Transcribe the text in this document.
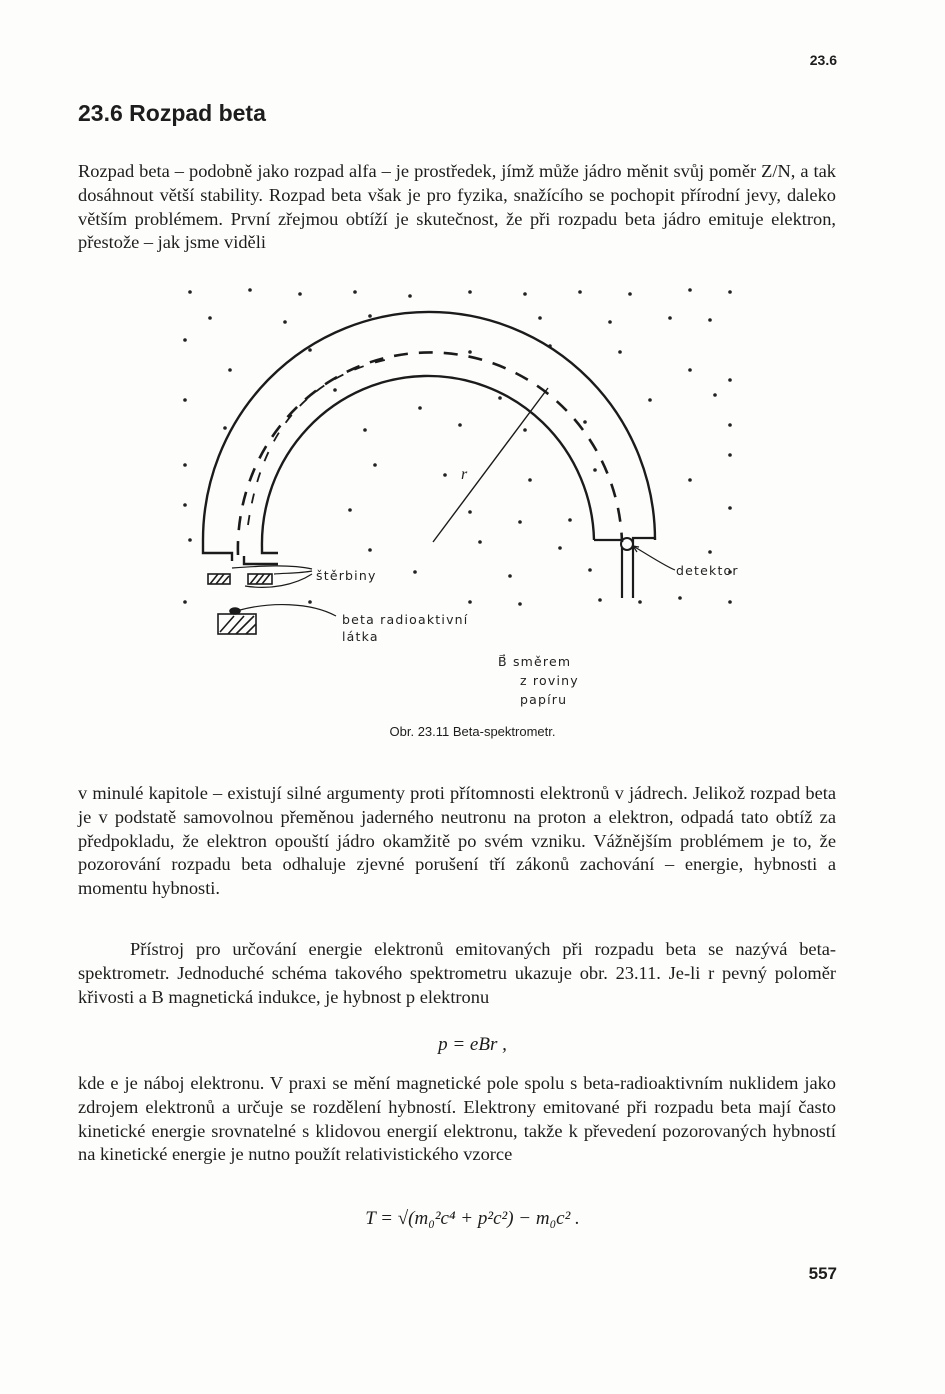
23.6
23.6 Rozpad beta

Rozpad beta – podobně jako rozpad alfa – je prostředek, jímž může jádro měnit svůj poměr Z/N, a tak dosáhnout větší stability. Rozpad beta však je pro fyzika, snažícího se pochopit přírodní jevy, daleko větším problémem. První zřejmou obtíží je skutečnost, že při rozpadu beta jádro emituje elektron, přestože – jak jsme viděli

r
štěrbiny
beta radioaktivní
látka
detektor
B⃗ směrem
z roviny
papíru
Obr. 23.11 Beta-spektrometr.

v minulé kapitole – existují silné argumenty proti přítomnosti elektronů v jádrech. Jelikož rozpad beta je v podstatě samovolnou přeměnou jaderného neutronu na proton a elektron, odpadá tato obtíž za předpokladu, že elektron opouští jádro okamžitě po svém vzniku. Vážnějším problémem je to, že pozorování rozpadu beta odhaluje zjevné porušení tří zákonů zachování – energie, hybnosti a momentu hybnosti.

Přístroj pro určování energie elektronů emitovaných při rozpadu beta se nazývá beta-spektrometr. Jednoduché schéma takového spektrometru ukazuje obr. 23.11. Je-li r pevný poloměr křivosti a B magnetická indukce, je hybnost p elektronu

p = eBr ,

kde e je náboj elektronu. V praxi se mění magnetické pole spolu s beta-radioaktivním nuklidem jako zdrojem elektronů a určuje se rozdělení hybností. Elektrony emitované při rozpadu beta mají často kinetické energie srovnatelné s klidovou energií elektronu, takže k převedení pozorovaných hybností na kinetické energie je nutno použít relativistického vzorce

T = √(m₀²c⁴ + p²c²) − m₀c² .
557
